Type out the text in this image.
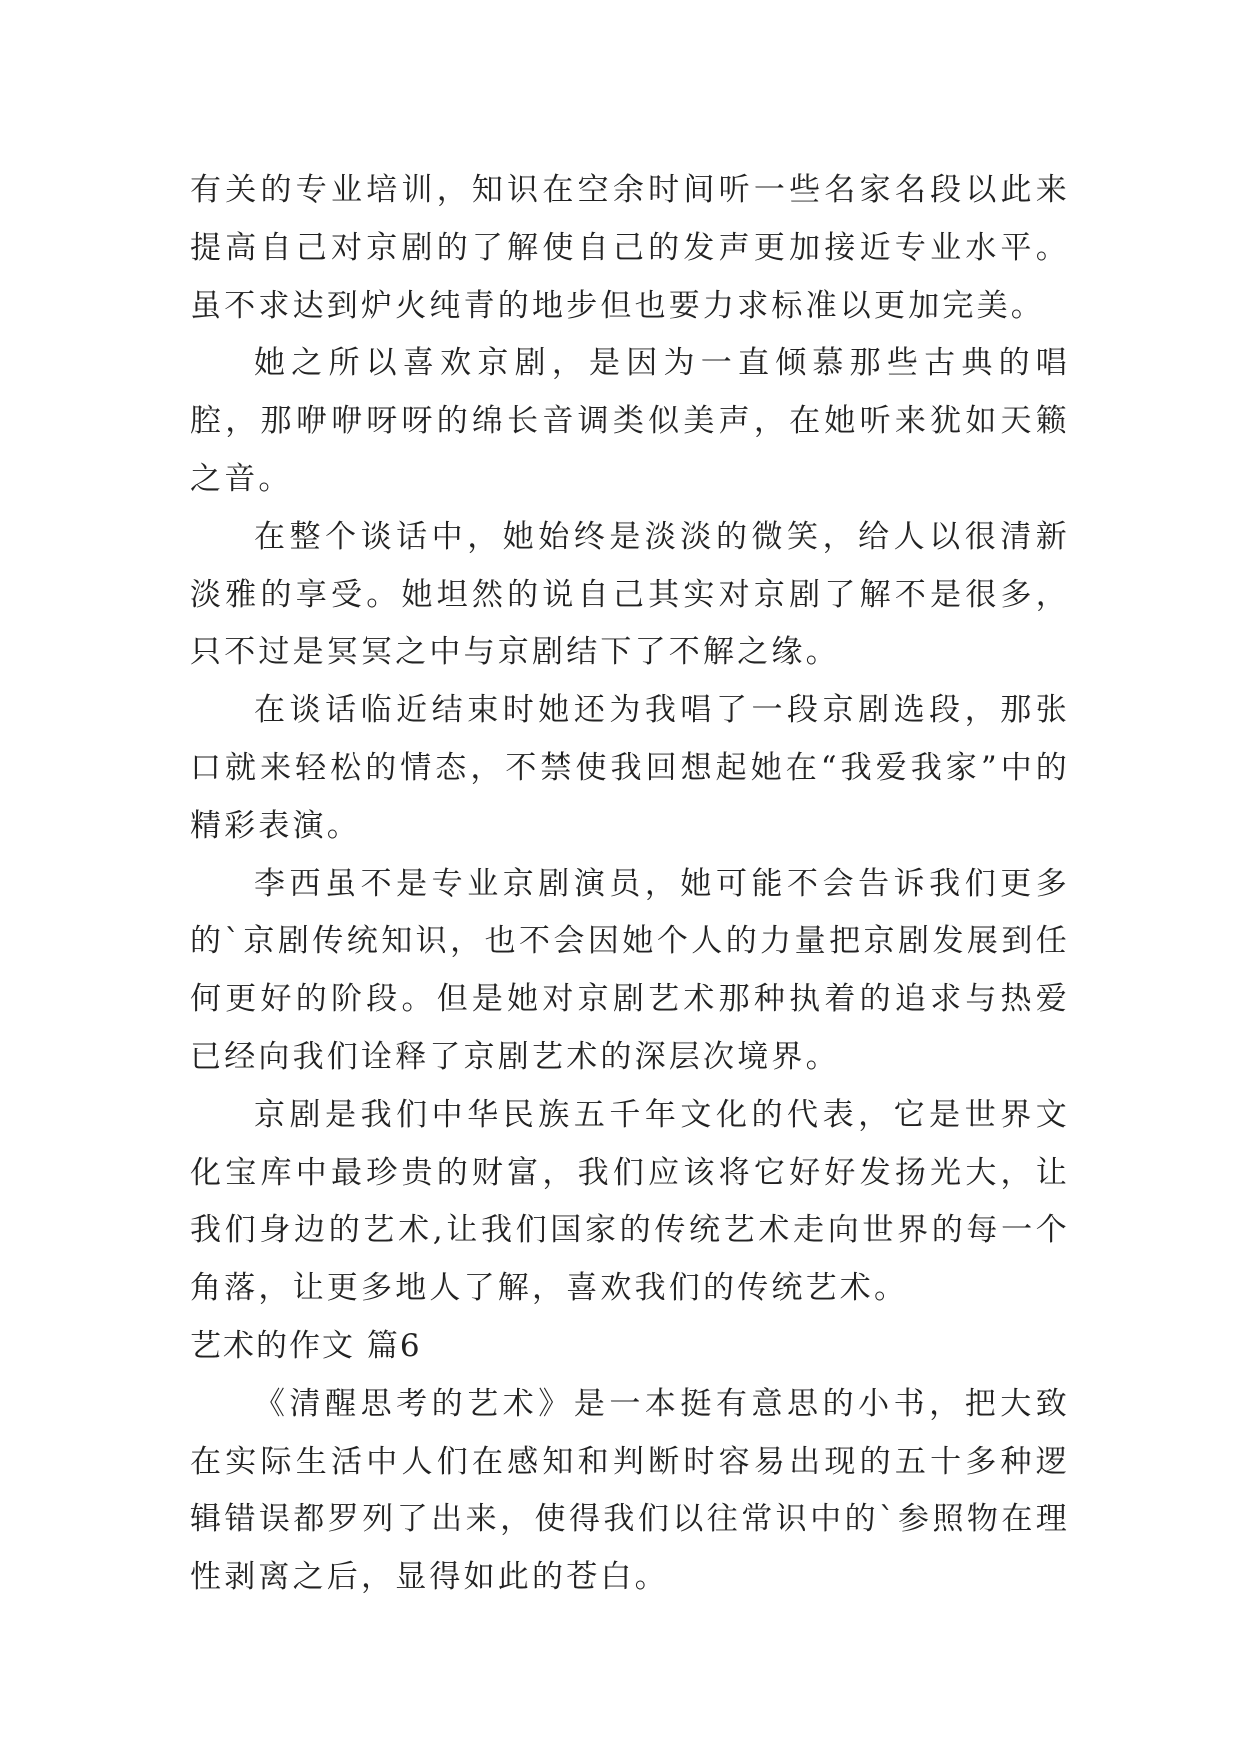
有关的专业培训，知识在空余时间听一些名家名段以此来提高自己对京剧的了解使自己的发声更加接近专业水平。虽不求达到炉火纯青的地步但也要力求标准以更加完美。

她之所以喜欢京剧，是因为一直倾慕那些古典的唱腔，那咿咿呀呀的绵长音调类似美声，在她听来犹如天籁之音。

在整个谈话中，她始终是淡淡的微笑，给人以很清新淡雅的享受。她坦然的说自己其实对京剧了解不是很多，只不过是冥冥之中与京剧结下了不解之缘。

在谈话临近结束时她还为我唱了一段京剧选段，那张口就来轻松的情态，不禁使我回想起她在“我爱我家”中的精彩表演。

李西虽不是专业京剧演员，她可能不会告诉我们更多的`京剧传统知识，也不会因她个人的力量把京剧发展到任何更好的阶段。但是她对京剧艺术那种执着的追求与热爱已经向我们诠释了京剧艺术的深层次境界。

京剧是我们中华民族五千年文化的代表，它是世界文化宝库中最珍贵的财富，我们应该将它好好发扬光大，让我们身边的艺术,让我们国家的传统艺术走向世界的每一个角落，让更多地人了解，喜欢我们的传统艺术。

艺术的作文 篇6

《清醒思考的艺术》是一本挺有意思的小书，把大致在实际生活中人们在感知和判断时容易出现的五十多种逻辑错误都罗列了出来，使得我们以往常识中的`参照物在理性剥离之后，显得如此的苍白。
